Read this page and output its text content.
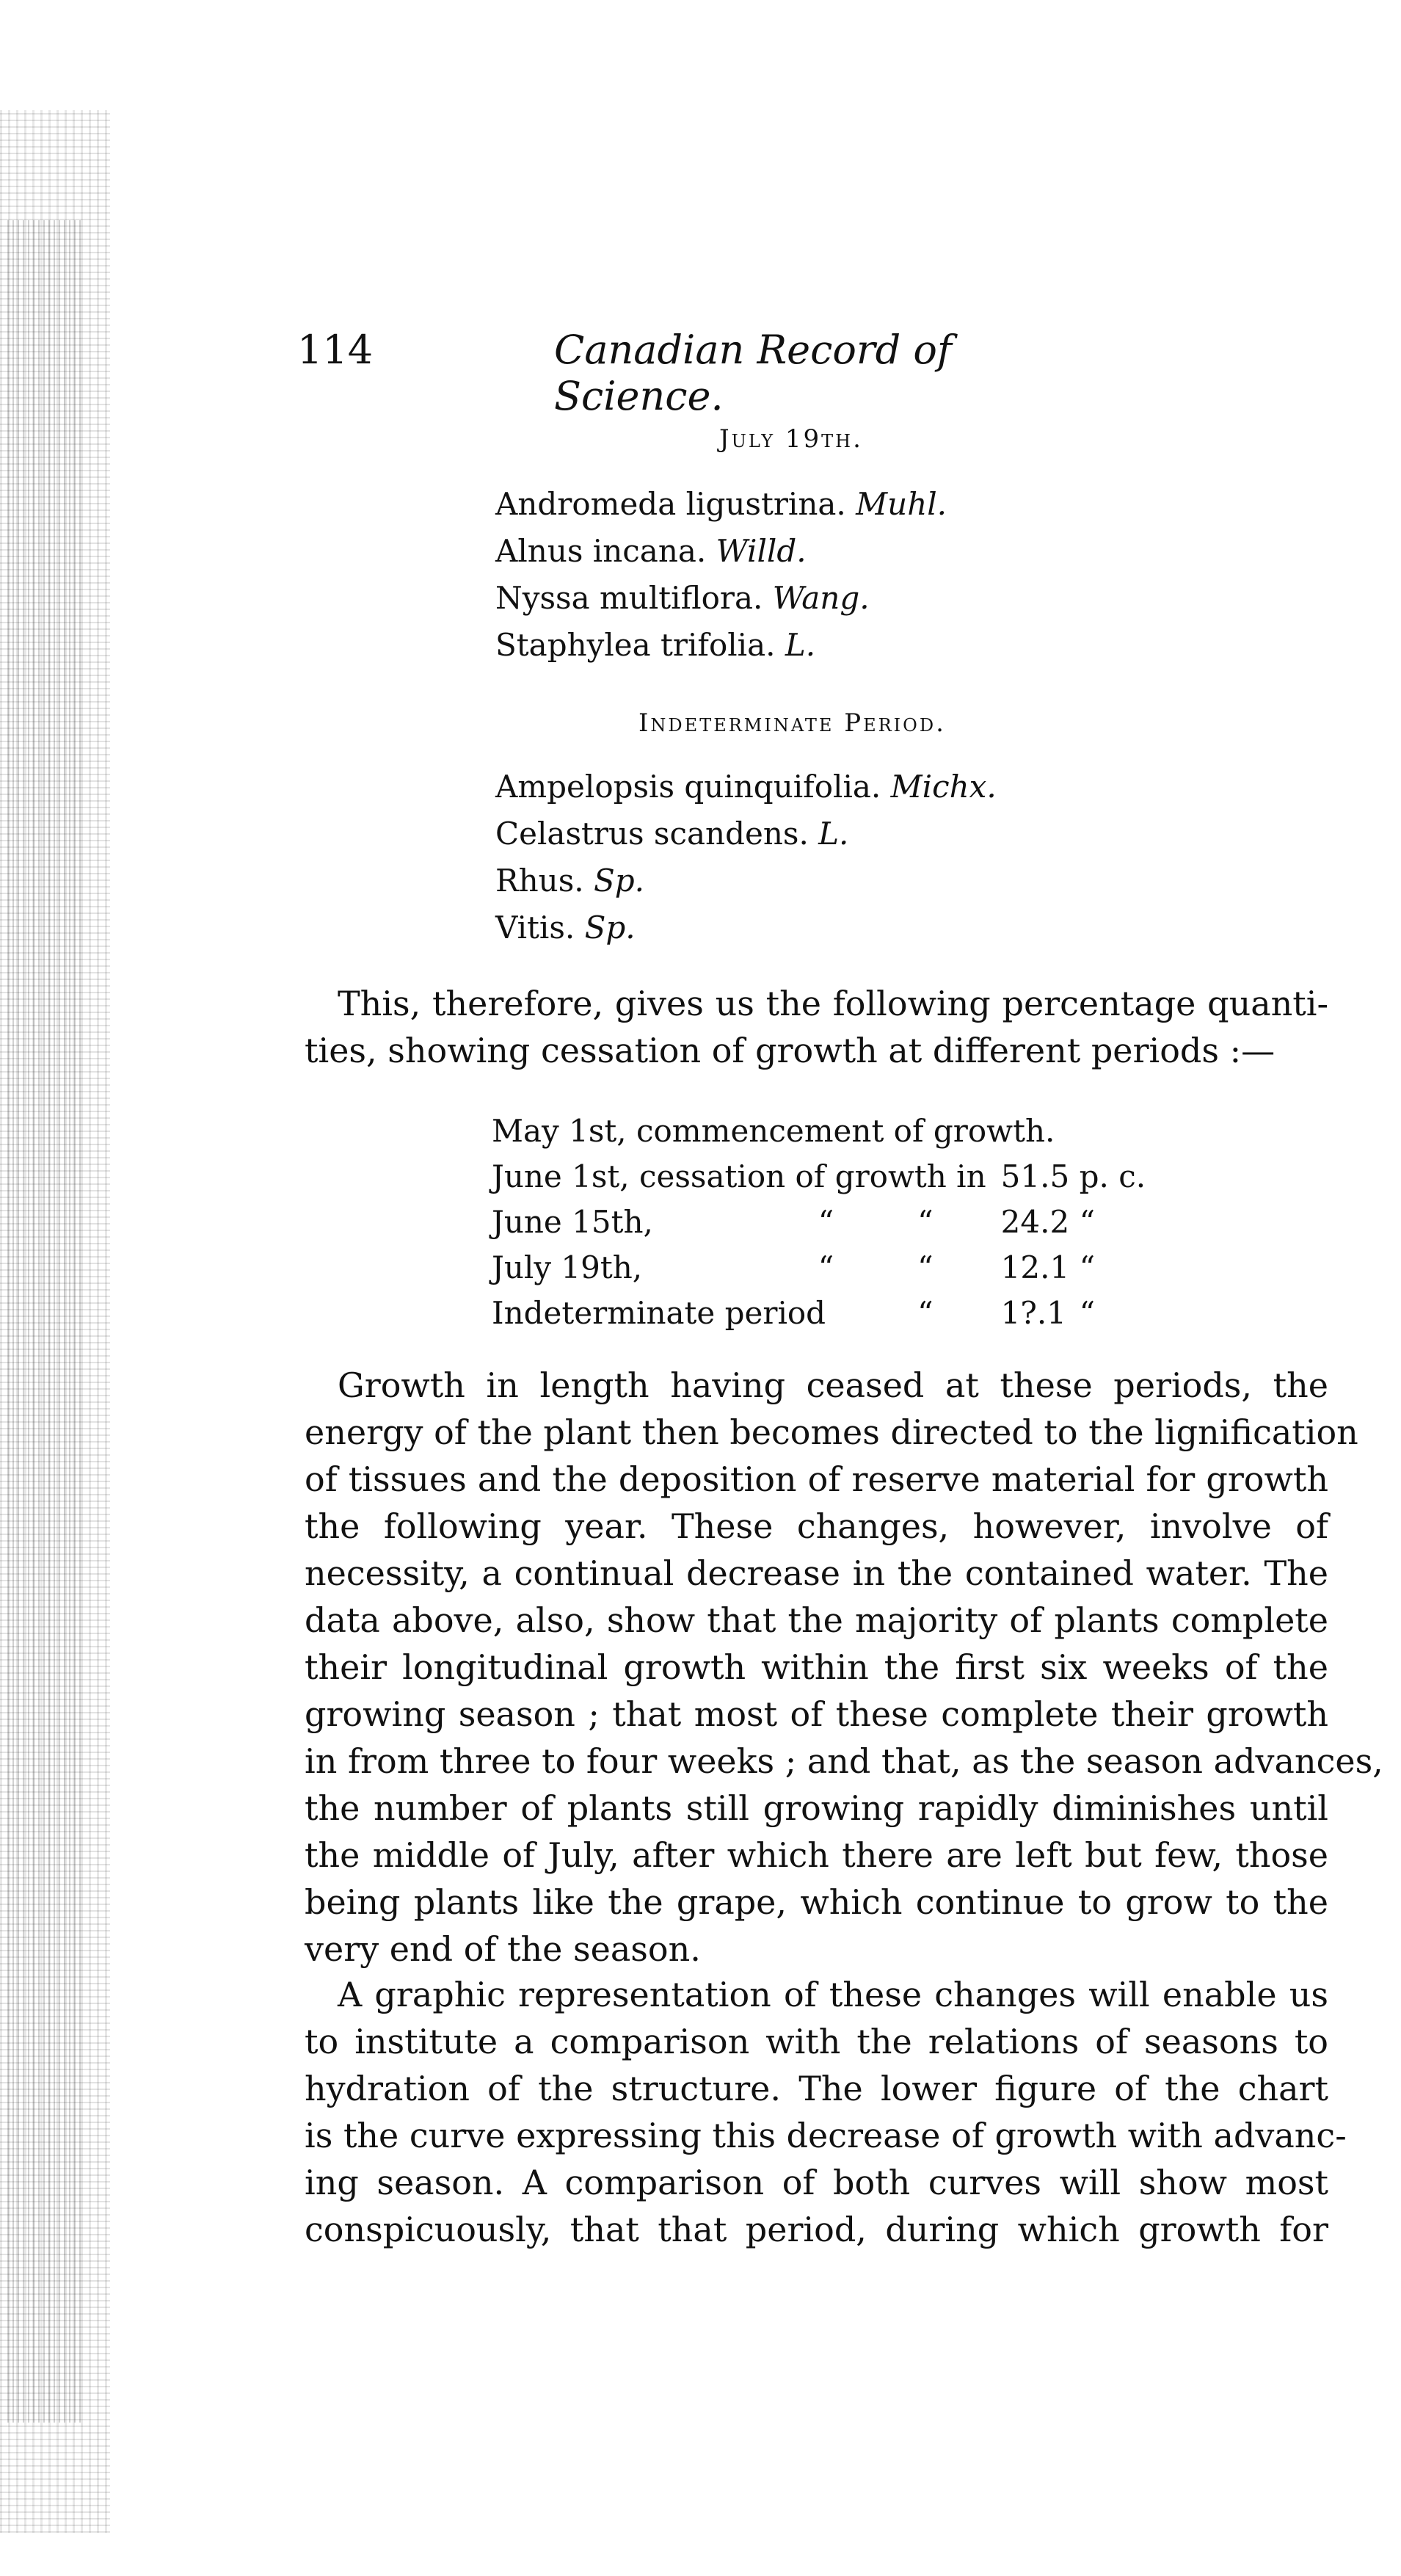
114	Canadian Record of Science.
July 19th.
Andromeda ligustrina. Muhl.
Alnus incana. Willd.
Nyssa multiflora. Wang.
Staphylea trifolia. L.
Indeterminate Period.
Ampelopsis quinquifolia. Michx.
Celastrus scandens. L.
Rhus. Sp.
Vitis. Sp.
This, therefore, gives us the following percentage quanti-
ties, showing cessation of growth at different periods :—
May 1st, commencement of growth.				
June 1st, cessation of growth in			51.5	p. c.
June 15th,	“	“	24.2	“
July 19th,	“	“	12.1	“
Indeterminate period		“	1?.1	“
Growth in length having ceased at these periods, the
energy of the plant then becomes directed to the lignification
of tissues and the deposition of reserve material for growth
the following year. These changes, however, involve of
necessity, a continual decrease in the contained water. The
data above, also, show that the majority of plants complete
their longitudinal growth within the first six weeks of the
growing season ; that most of these complete their growth
in from three to four weeks ; and that, as the season advances,
the number of plants still growing rapidly diminishes until
the middle of July, after which there are left but few, those
being plants like the grape, which continue to grow to the
very end of the season.
A graphic representation of these changes will enable us
to institute a comparison with the relations of seasons to
hydration of the structure. The lower figure of the chart
is the curve expressing this decrease of growth with advanc-
ing season. A comparison of both curves will show most
conspicuously, that that period, during which growth for
